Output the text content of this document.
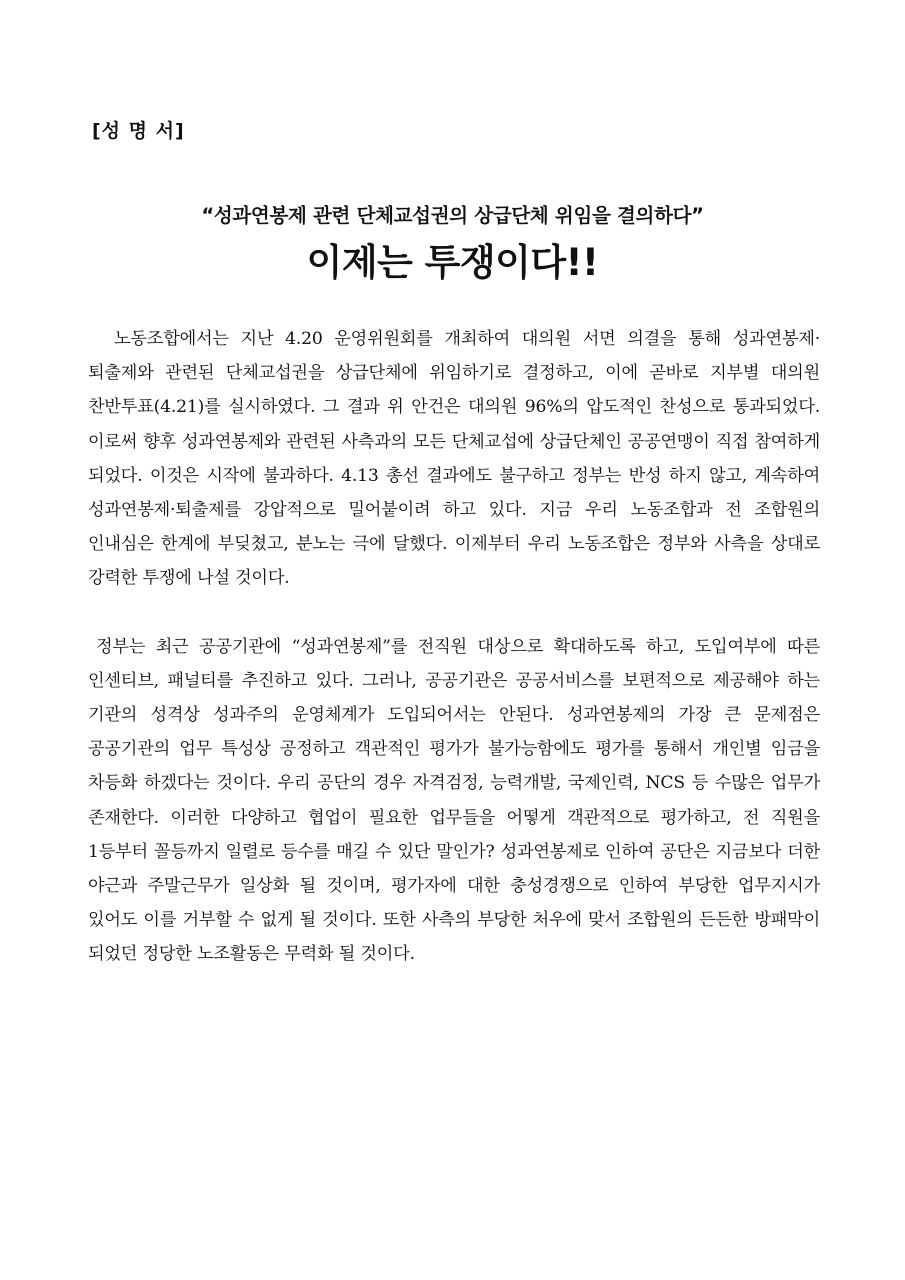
[성 명 서]

“성과연봉제 관련 단체교섭권의 상급단체 위임을 결의하다”

이제는 투쟁이다!!

노동조합에서는 지난 4.20 운영위원회를 개최하여 대의원 서면 의결을 통해 성과연봉제·퇴출제와 관련된 단체교섭권을 상급단체에 위임하기로 결정하고, 이에 곧바로 지부별 대의원 찬반투표(4.21)를 실시하였다. 그 결과 위 안건은 대의원 96%의 압도적인 찬성으로 통과되었다. 이로써 향후 성과연봉제와 관련된 사측과의 모든 단체교섭에 상급단체인 공공연맹이 직접 참여하게 되었다. 이것은 시작에 불과하다. 4.13 총선 결과에도 불구하고 정부는 반성 하지 않고, 계속하여 성과연봉제·퇴출제를 강압적으로 밀어붙이려 하고 있다. 지금 우리 노동조합과 전 조합원의 인내심은 한계에 부딪쳤고, 분노는 극에 달했다. 이제부터 우리 노동조합은 정부와 사측을 상대로 강력한 투쟁에 나설 것이다.

정부는 최근 공공기관에 “성과연봉제”를 전직원 대상으로 확대하도록 하고, 도입여부에 따른 인센티브, 패널티를 추진하고 있다. 그러나, 공공기관은 공공서비스를 보편적으로 제공해야 하는 기관의 성격상 성과주의 운영체계가 도입되어서는 안된다. 성과연봉제의 가장 큰 문제점은 공공기관의 업무 특성상 공정하고 객관적인 평가가 불가능함에도 평가를 통해서 개인별 임금을 차등화 하겠다는 것이다. 우리 공단의 경우 자격검정, 능력개발, 국제인력, NCS 등 수많은 업무가 존재한다. 이러한 다양하고 협업이 필요한 업무들을 어떻게 객관적으로 평가하고, 전 직원을 1등부터 꼴등까지 일렬로 등수를 매길 수 있단 말인가? 성과연봉제로 인하여 공단은 지금보다 더한 야근과 주말근무가 일상화 될 것이며, 평가자에 대한 충성경쟁으로 인하여 부당한 업무지시가 있어도 이를 거부할 수 없게 될 것이다. 또한 사측의 부당한 처우에 맞서 조합원의 든든한 방패막이 되었던 정당한 노조활동은 무력화 될 것이다.
